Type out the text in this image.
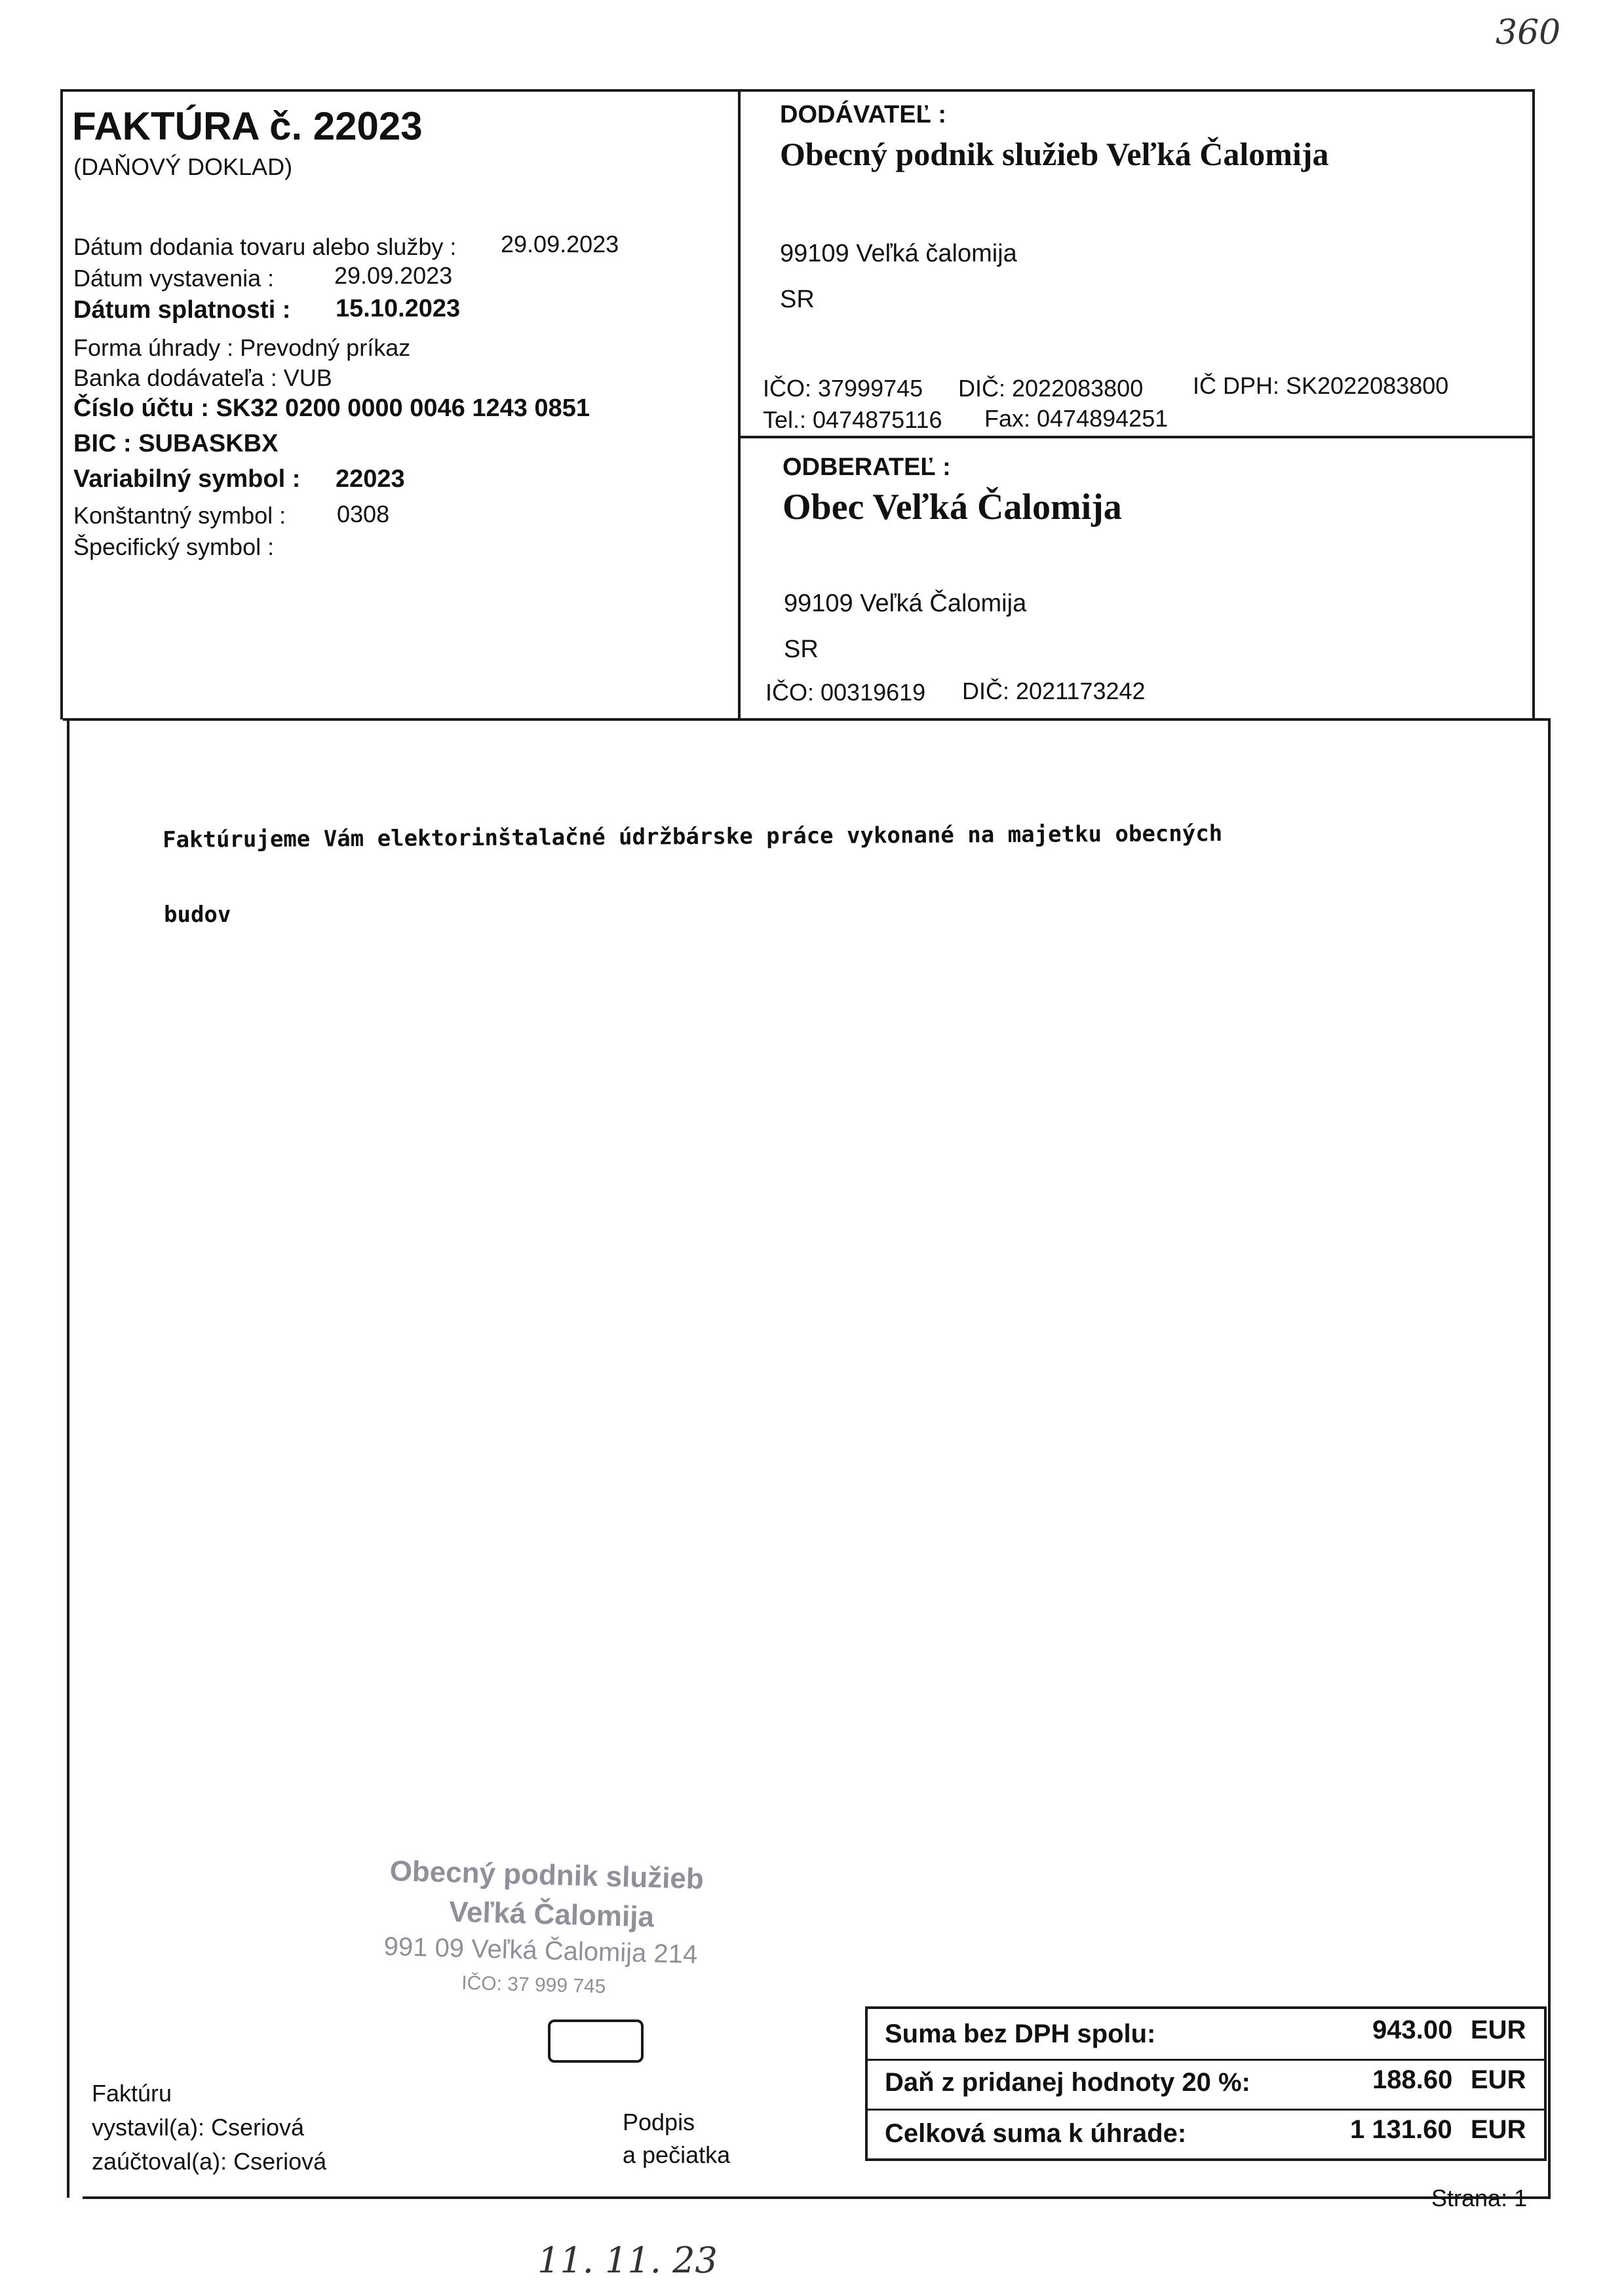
360
FAKTÚRA č. 22023
(DAŇOVÝ DOKLAD)
Dátum dodania tovaru alebo služby : 29.09.2023
Dátum vystavenia :	29.09.2023
Dátum splatnosti : 15.10.2023
Forma úhrady : Prevodný príkaz
Banka dodávateľa : VUB
Číslo účtu : SK32 0200 0000 0046 1243 0851
BIC : SUBASKBX
Variabilný symbol : 22023
Konštantný symbol : 0308
Špecifický symbol :
DODÁVATEĽ :
Obecný podnik služieb Veľká Čalomija
99109 Veľká čalomija
SR
IČO: 37999745 DIČ: 2022083800 IČ DPH: SK2022083800
Tel.: 0474875116 Fax: 0474894251
ODBERATEĽ :
Obec Veľká Čalomija
99109 Veľká Čalomija
SR
IČO: 00319619 DIČ: 2021173242
Faktúrujeme Vám elektorinštalačné údržbárske práce vykonané na majetku obecných
budov
Obecný podnik služieb
Veľká Čalomija
991 09 Veľká Čalomija 214
IČO: 37 999 745
Faktúru
vystavil(a): Cseriová
zaúčtoval(a): Cseriová
Podpis
a pečiatka
Suma bez DPH spolu:	943.00 EUR
Daň z pridanej hodnoty 20 %:	188.60 EUR
Celková suma k úhrade:	1 131.60 EUR
Strana: 1
11. 11. 23
